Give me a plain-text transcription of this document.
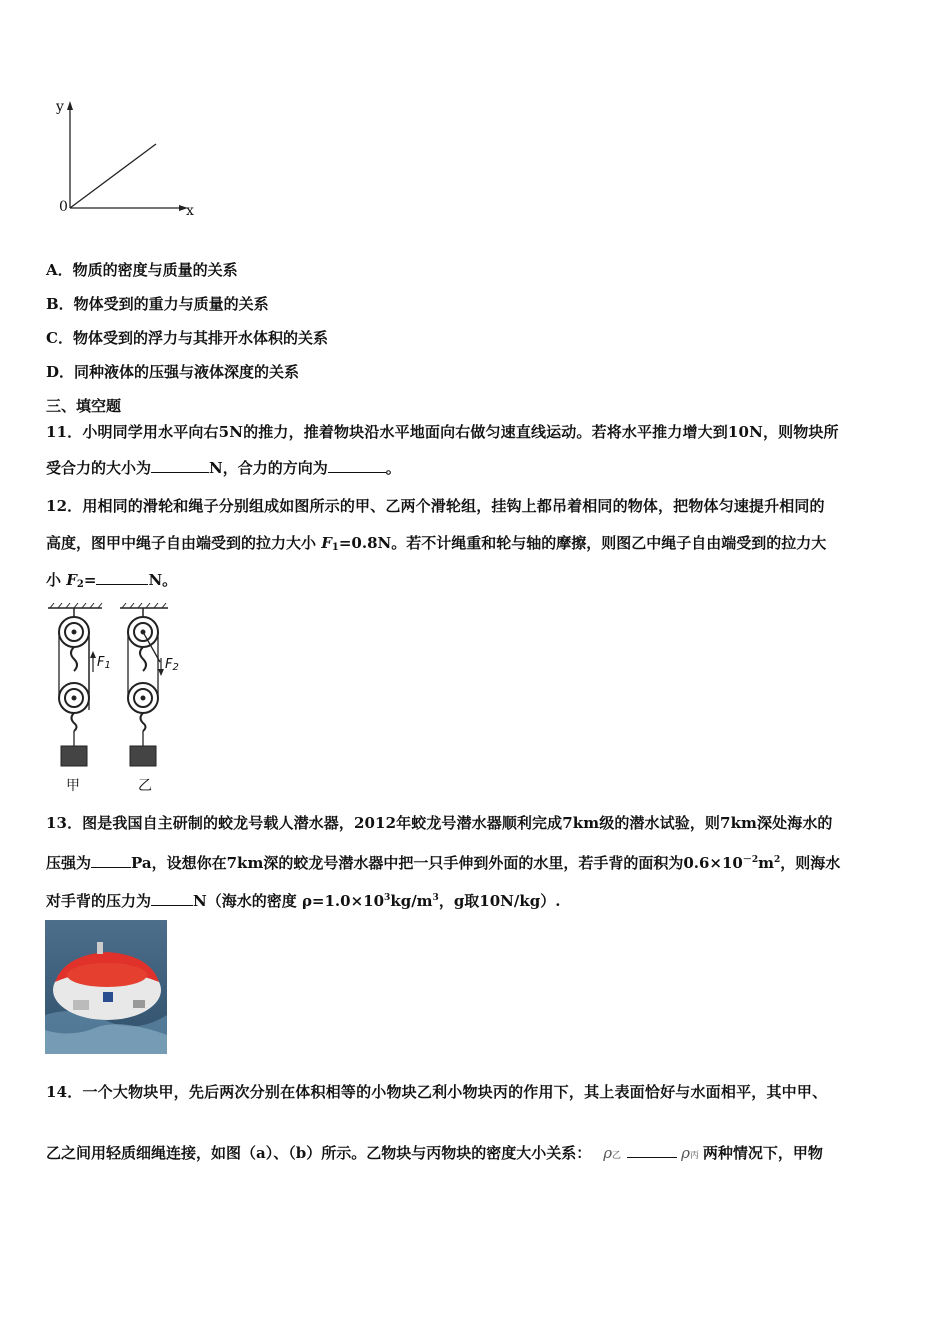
y
x
0
A．物质的密度与质量的关系
B．物体受到的重力与质量的关系
C．物体受到的浮力与其排开水体积的关系
D．同种液体的压强与液体深度的关系
三、填空题
11．小明同学用水平向右5N的推力，推着物块沿水平地面向右做匀速直线运动。若将水平推力增大到10N，则物块所
受合力的大小为	N，合力的方向为	。
12．用相同的滑轮和绳子分别组成如图所示的甲、乙两个滑轮组，挂钩上都吊着相同的物体，把物体匀速提升相同的
高度，图甲中绳子自由端受到的拉力大小 $F_1=0.8N$。若不计绳重和轮与轴的摩擦，则图乙中绳子自由端受到的拉力大
小 $F_2=$	N。
$F_1$	$F_2$
甲	乙
13．图是我国自主研制的蛟龙号载人潜水器，2012年蛟龙号潜水器顺利完成7km级的潜水试验，则7km深处海水的
压强为	Pa，设想你在7km深的蛟龙号潜水器中把一只手伸到外面的水里，若手背的面积为$0.6\times 10^{-2}m^2$，则海水
对手背的压力为	N（海水的密度 $\rho=1.0\times 10^3kg/m^3$，g取10N/kg）.
14．一个大物块甲，先后两次分别在体积相等的小物块乙利小物块丙的作用下，其上表面恰好与水面相平，其中甲、
乙之间用轻质细绳连接，如图（a）、（b）所示。乙物块与丙物块的密度大小关系： ρ乙	ρ丙 两种情况下，甲物
